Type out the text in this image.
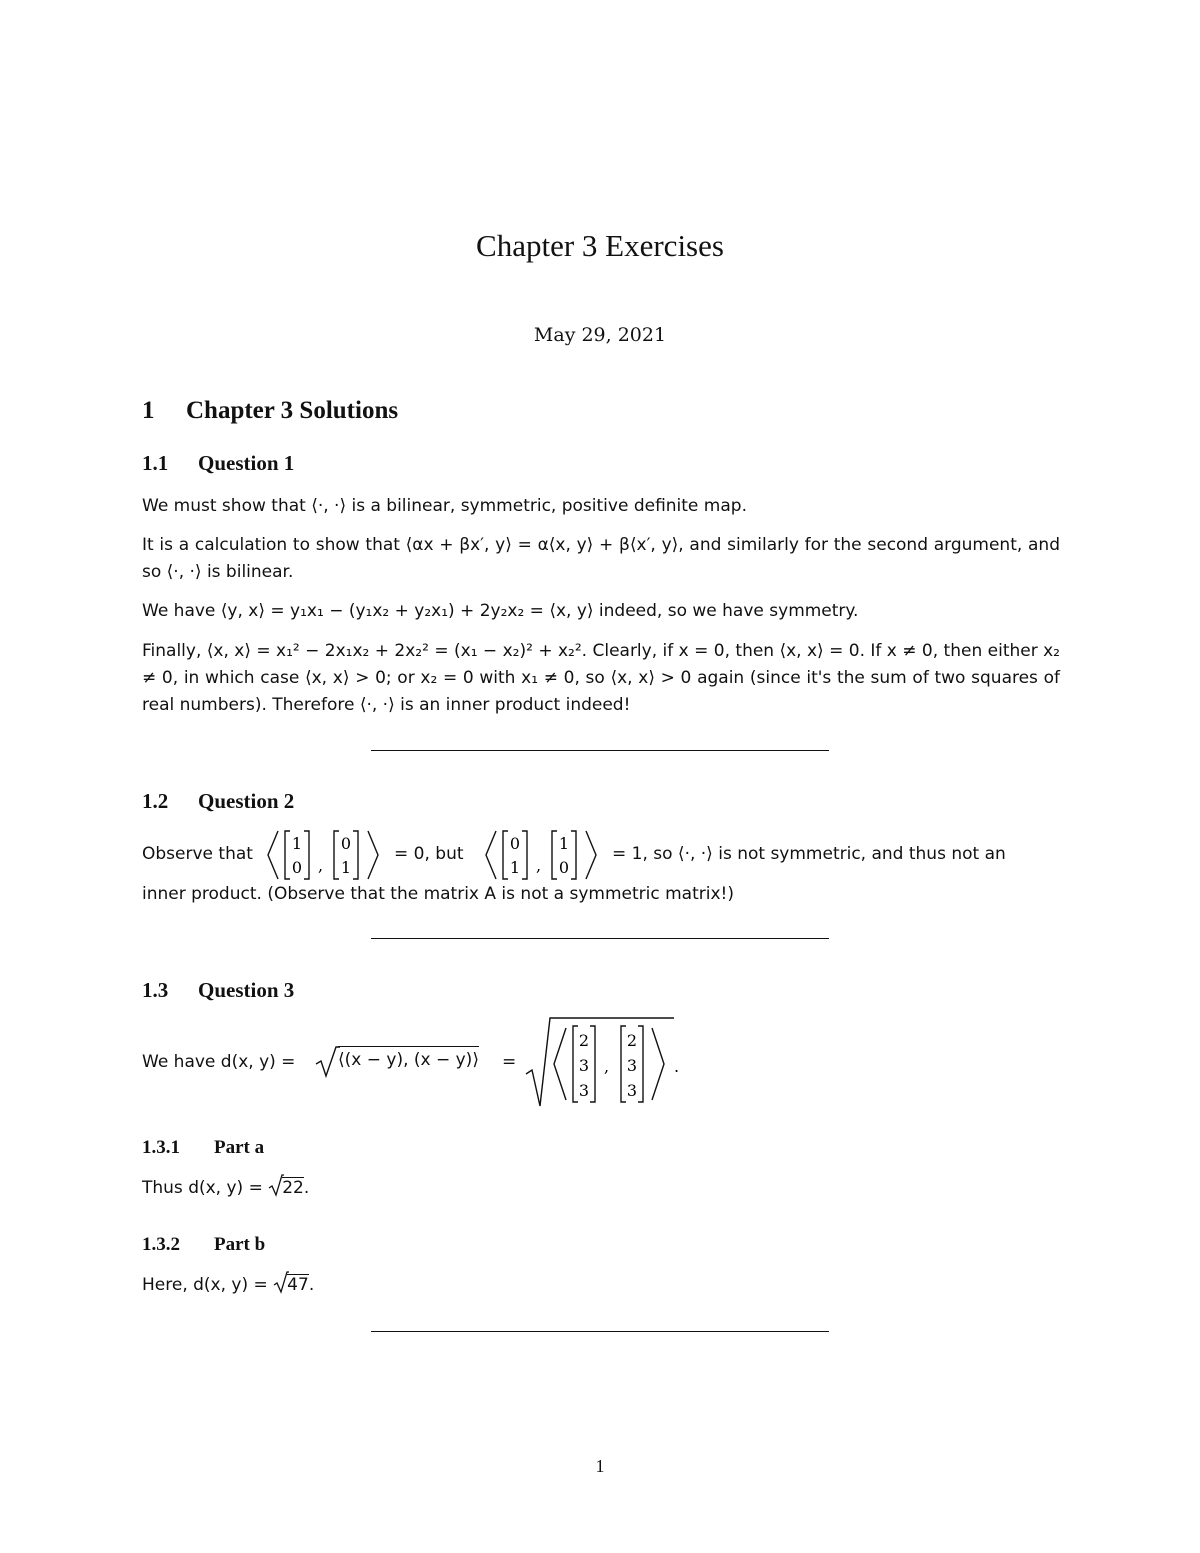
Chapter 3 Exercises
May 29, 2021
1 Chapter 3 Solutions
1.1 Question 1
We must show that ⟨·, ·⟩ is a bilinear, symmetric, positive definite map.
It is a calculation to show that ⟨αx + βx′, y⟩ = α⟨x, y⟩ + β⟨x′, y⟩, and similarly for the second argument, and so ⟨·, ·⟩ is bilinear.
We have ⟨y, x⟩ = y₁x₁ − (y₁x₂ + y₂x₁) + 2y₂x₂ = ⟨x, y⟩ indeed, so we have symmetry.
Finally, ⟨x, x⟩ = x₁² − 2x₁x₂ + 2x₂² = (x₁ − x₂)² + x₂². Clearly, if x = 0, then ⟨x, x⟩ = 0. If x ≠ 0, then either x₂ ≠ 0, in which case ⟨x, x⟩ > 0; or x₂ = 0 with x₁ ≠ 0, so ⟨x, x⟩ > 0 again (since it's the sum of two squares of real numbers). Therefore ⟨·, ·⟩ is an inner product indeed!
1.2 Question 2
Observe that
1
0 ,
0
1
= 0, but
0
1 ,
1
0
= 1, so ⟨·, ·⟩ is not symmetric, and thus not an
inner product. (Observe that the matrix A is not a symmetric matrix!)
1.3 Question 3
We have d(x, y) =	⟨(x − y), (x − y)⟩ =
2
3
3
,
2
3
3
.
1.3.1 Part a
Thus d(x, y) =
22.
1.3.2 Part b
Here, d(x, y) =
47.
1
